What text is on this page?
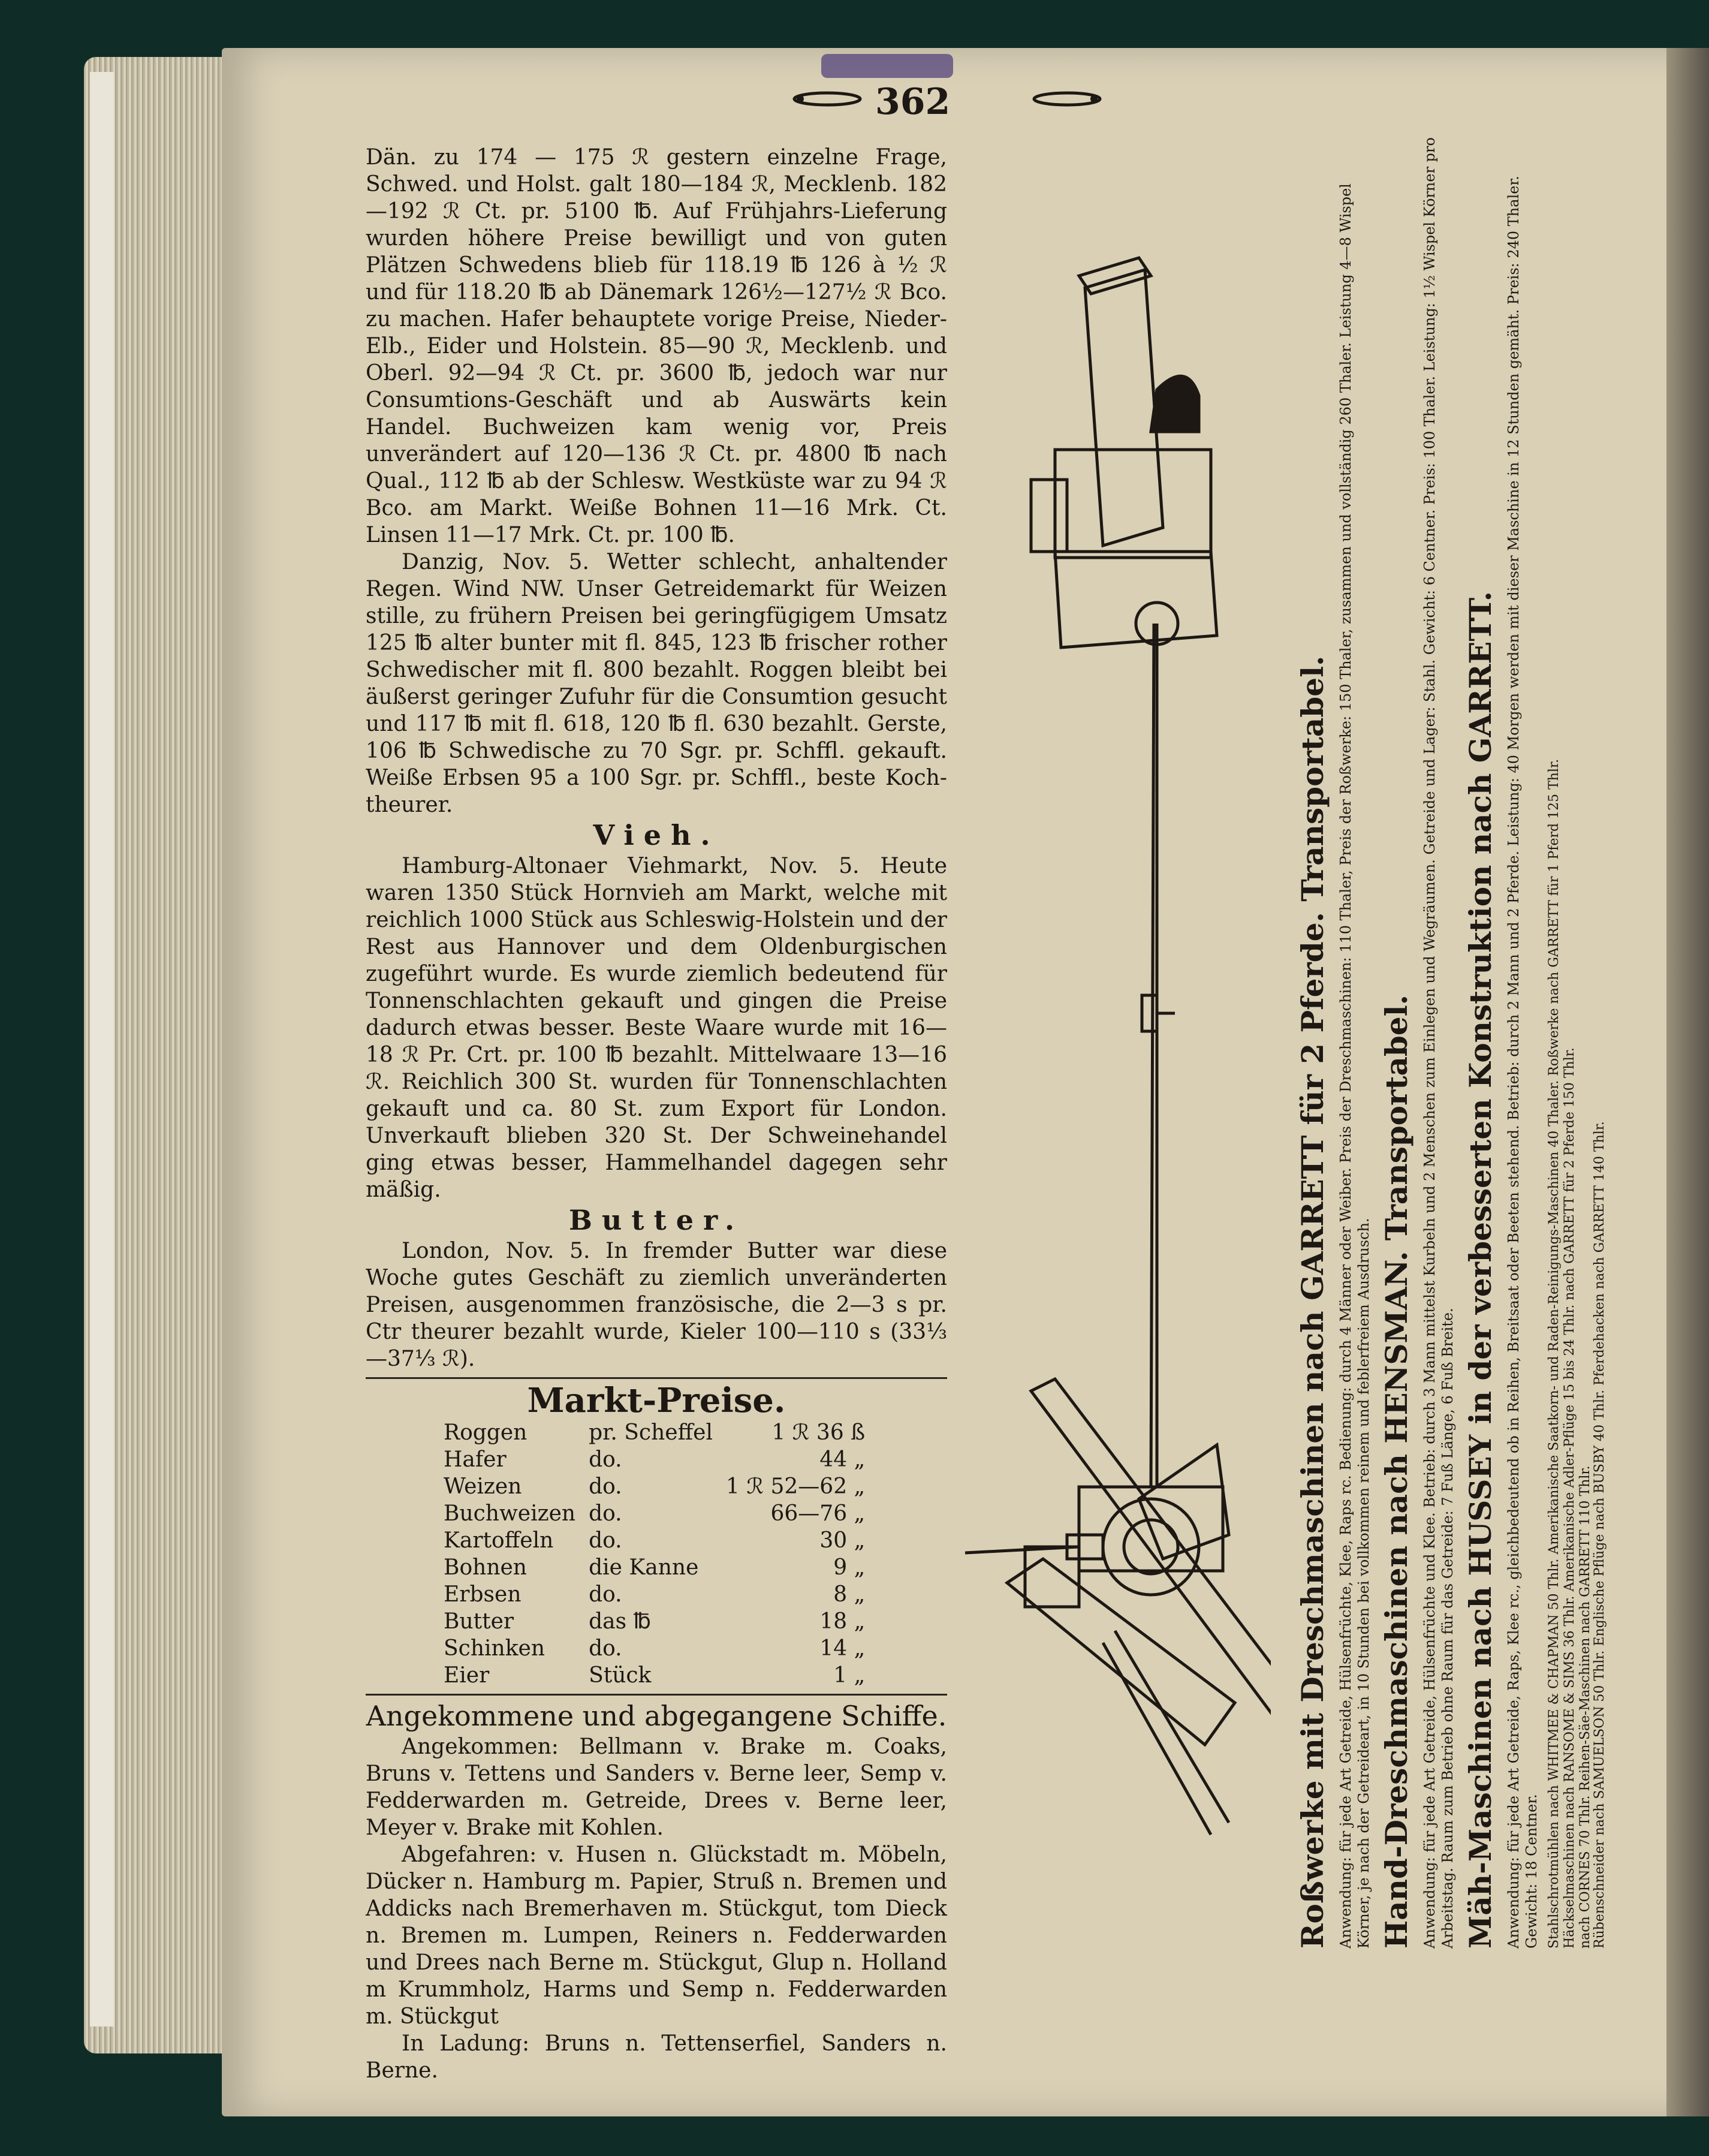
362

Dän. zu 174 — 175 ℛ gestern einzelne Frage, Schwed. und Holst. galt 180—184 ℛ, Mecklenb. 182—192 ℛ Ct. pr. 5100 ℔. Auf Frühjahrs-Lieferung wurden höhere Preise bewilligt und von guten Plätzen Schwedens blieb für 118.19 ℔ 126 à ½ ℛ und für 118.20 ℔ ab Dänemark 126½—127½ ℛ Bco. zu machen. Hafer behauptete vorige Preise, Nieder-Elb., Eider und Holstein. 85—90 ℛ, Mecklenb. und Oberl. 92—94 ℛ Ct. pr. 3600 ℔, jedoch war nur Consumtions-Geschäft und ab Auswärts kein Handel. Buchweizen kam wenig vor, Preis unverändert auf 120—136 ℛ Ct. pr. 4800 ℔ nach Qual., 112 ℔ ab der Schlesw. Westküste war zu 94 ℛ Bco. am Markt. Weiße Bohnen 11—16 Mrk. Ct. Linsen 11—17 Mrk. Ct. pr. 100 ℔.

Danzig, Nov. 5. Wetter schlecht, anhaltender Regen. Wind NW. Unser Getreidemarkt für Weizen stille, zu frühern Preisen bei geringfügigem Umsatz 125 ℔ alter bunter mit fl. 845, 123 ℔ frischer rother Schwedischer mit fl. 800 bezahlt. Roggen bleibt bei äußerst geringer Zufuhr für die Consumtion gesucht und 117 ℔ mit fl. 618, 120 ℔ fl. 630 bezahlt. Gerste, 106 ℔ Schwedische zu 70 Sgr. pr. Schffl. gekauft. Weiße Erbsen 95 a 100 Sgr. pr. Schffl., beste Koch- theurer.

Vieh.

Hamburg-Altonaer Viehmarkt, Nov. 5. Heute waren 1350 Stück Hornvieh am Markt, welche mit reichlich 1000 Stück aus Schleswig-Holstein und der Rest aus Hannover und dem Oldenburgischen zugeführt wurde. Es wurde ziemlich bedeutend für Tonnenschlachten gekauft und gingen die Preise dadurch etwas besser. Beste Waare wurde mit 16—18 ℛ Pr. Crt. pr. 100 ℔ bezahlt. Mittelwaare 13—16 ℛ. Reichlich 300 St. wurden für Tonnenschlachten gekauft und ca. 80 St. zum Export für London. Unverkauft blieben 320 St. Der Schweinehandel ging etwas besser, Hammelhandel dagegen sehr mäßig.

Butter.

London, Nov. 5. In fremder Butter war diese Woche gutes Geschäft zu ziemlich unveränderten Preisen, ausgenommen französische, die 2—3 s pr. Ctr theurer bezahlt wurde, Kieler 100—110 s (33⅓—37⅓ ℛ).

Markt-Preise.
Roggen	pr. Scheffel	1 ℛ 36 ß
Hafer	do.	44 „
Weizen	do.	1 ℛ 52—62 „
Buchweizen	do.	66—76 „
Kartoffeln	do.	30 „
Bohnen	die Kanne	9 „
Erbsen	do.	8 „
Butter	das ℔	18 „
Schinken	do.	14 „
Eier	Stück	1 „
Angekommene und abgegangene Schiffe.

Angekommen: Bellmann v. Brake m. Coaks, Bruns v. Tettens und Sanders v. Berne leer, Semp v. Fedderwarden m. Getreide, Drees v. Berne leer, Meyer v. Brake mit Kohlen.

Abgefahren: v. Husen n. Glückstadt m. Möbeln, Dücker n. Hamburg m. Papier, Struß n. Bremen und Addicks nach Bremerhaven m. Stückgut, tom Dieck n. Bremen m. Lumpen, Reiners n. Fedderwarden und Drees nach Berne m. Stückgut, Glup n. Holland m Krummholz, Harms und Semp n. Fedderwarden m. Stückgut

In Ladung: Bruns n. Tettenserfiel, Sanders n. Berne.

Roßwerke mit Dreschmaschinen nach GARRETT für 2 Pferde. Transportabel. Anwendung: für jede Art Getreide, Hülsenfrüchte, Klee, Raps rc. Bedienung: durch 4 Männer oder Weiber. Preis der Dreschmaschinen: 110 Thaler, Preis der Roßwerke: 150 Thaler, zusammen und vollständig 260 Thaler. Leistung 4—8 Wispel Körner, je nach der Getreideart, in 10 Stunden bei vollkommen reinem und feblerfreiem Ausdrusch. Hand-Dreschmaschinen nach HENSMAN. Transportabel. Anwendung: für jede Art Getreide, Hülsenfrüchte und Klee. Betrieb: durch 3 Mann mittelst Kurbeln und 2 Menschen zum Einlegen und Wegräumen. Getreide und Lager: Stahl. Gewicht: 6 Centner. Preis: 100 Thaler. Leistung: 1½ Wispel Körner pro Arbeitstag. Raum zum Betrieb ohne Raum für das Getreide: 7 Fuß Länge, 6 Fuß Breite. Mäh-Maschinen nach HUSSEY in der verbesserten Konstruktion nach GARRETT. Anwendung: für jede Art Getreide, Raps, Klee rc., gleichbedeutend ob in Reihen, Breitsaat oder Beeten stehend. Betrieb: durch 2 Mann und 2 Pferde. Leistung: 40 Morgen werden mit dieser Maschine in 12 Stunden gemäht. Preis: 240 Thaler. Gewicht: 18 Centner. Stahlschrotmühlen nach WHITMEE & CHAPMAN 50 Thlr. Amerikanische Saatkorn- und Raden-Reinigungs-Maschinen 40 Thaler. Roßwerke nach GARRETT für 1 Pferd 125 Thlr. Häckselmaschinen nach RANSOME & SIMS 36 Thlr. Amerikanische Adler-Pflüge 15 bis 24 Thlr. nach GARRETT für 2 Pferde 150 Thlr. nach CORNES 70 Thlr. Reihen-Säe-Maschinen nach GARRETT 110 Thlr. Rübenschneider nach SAMUELSON 50 Thlr. Englische Pflüge nach BUSBY 40 Thlr. Pferdehacken nach GARRETT 140 Thlr.
